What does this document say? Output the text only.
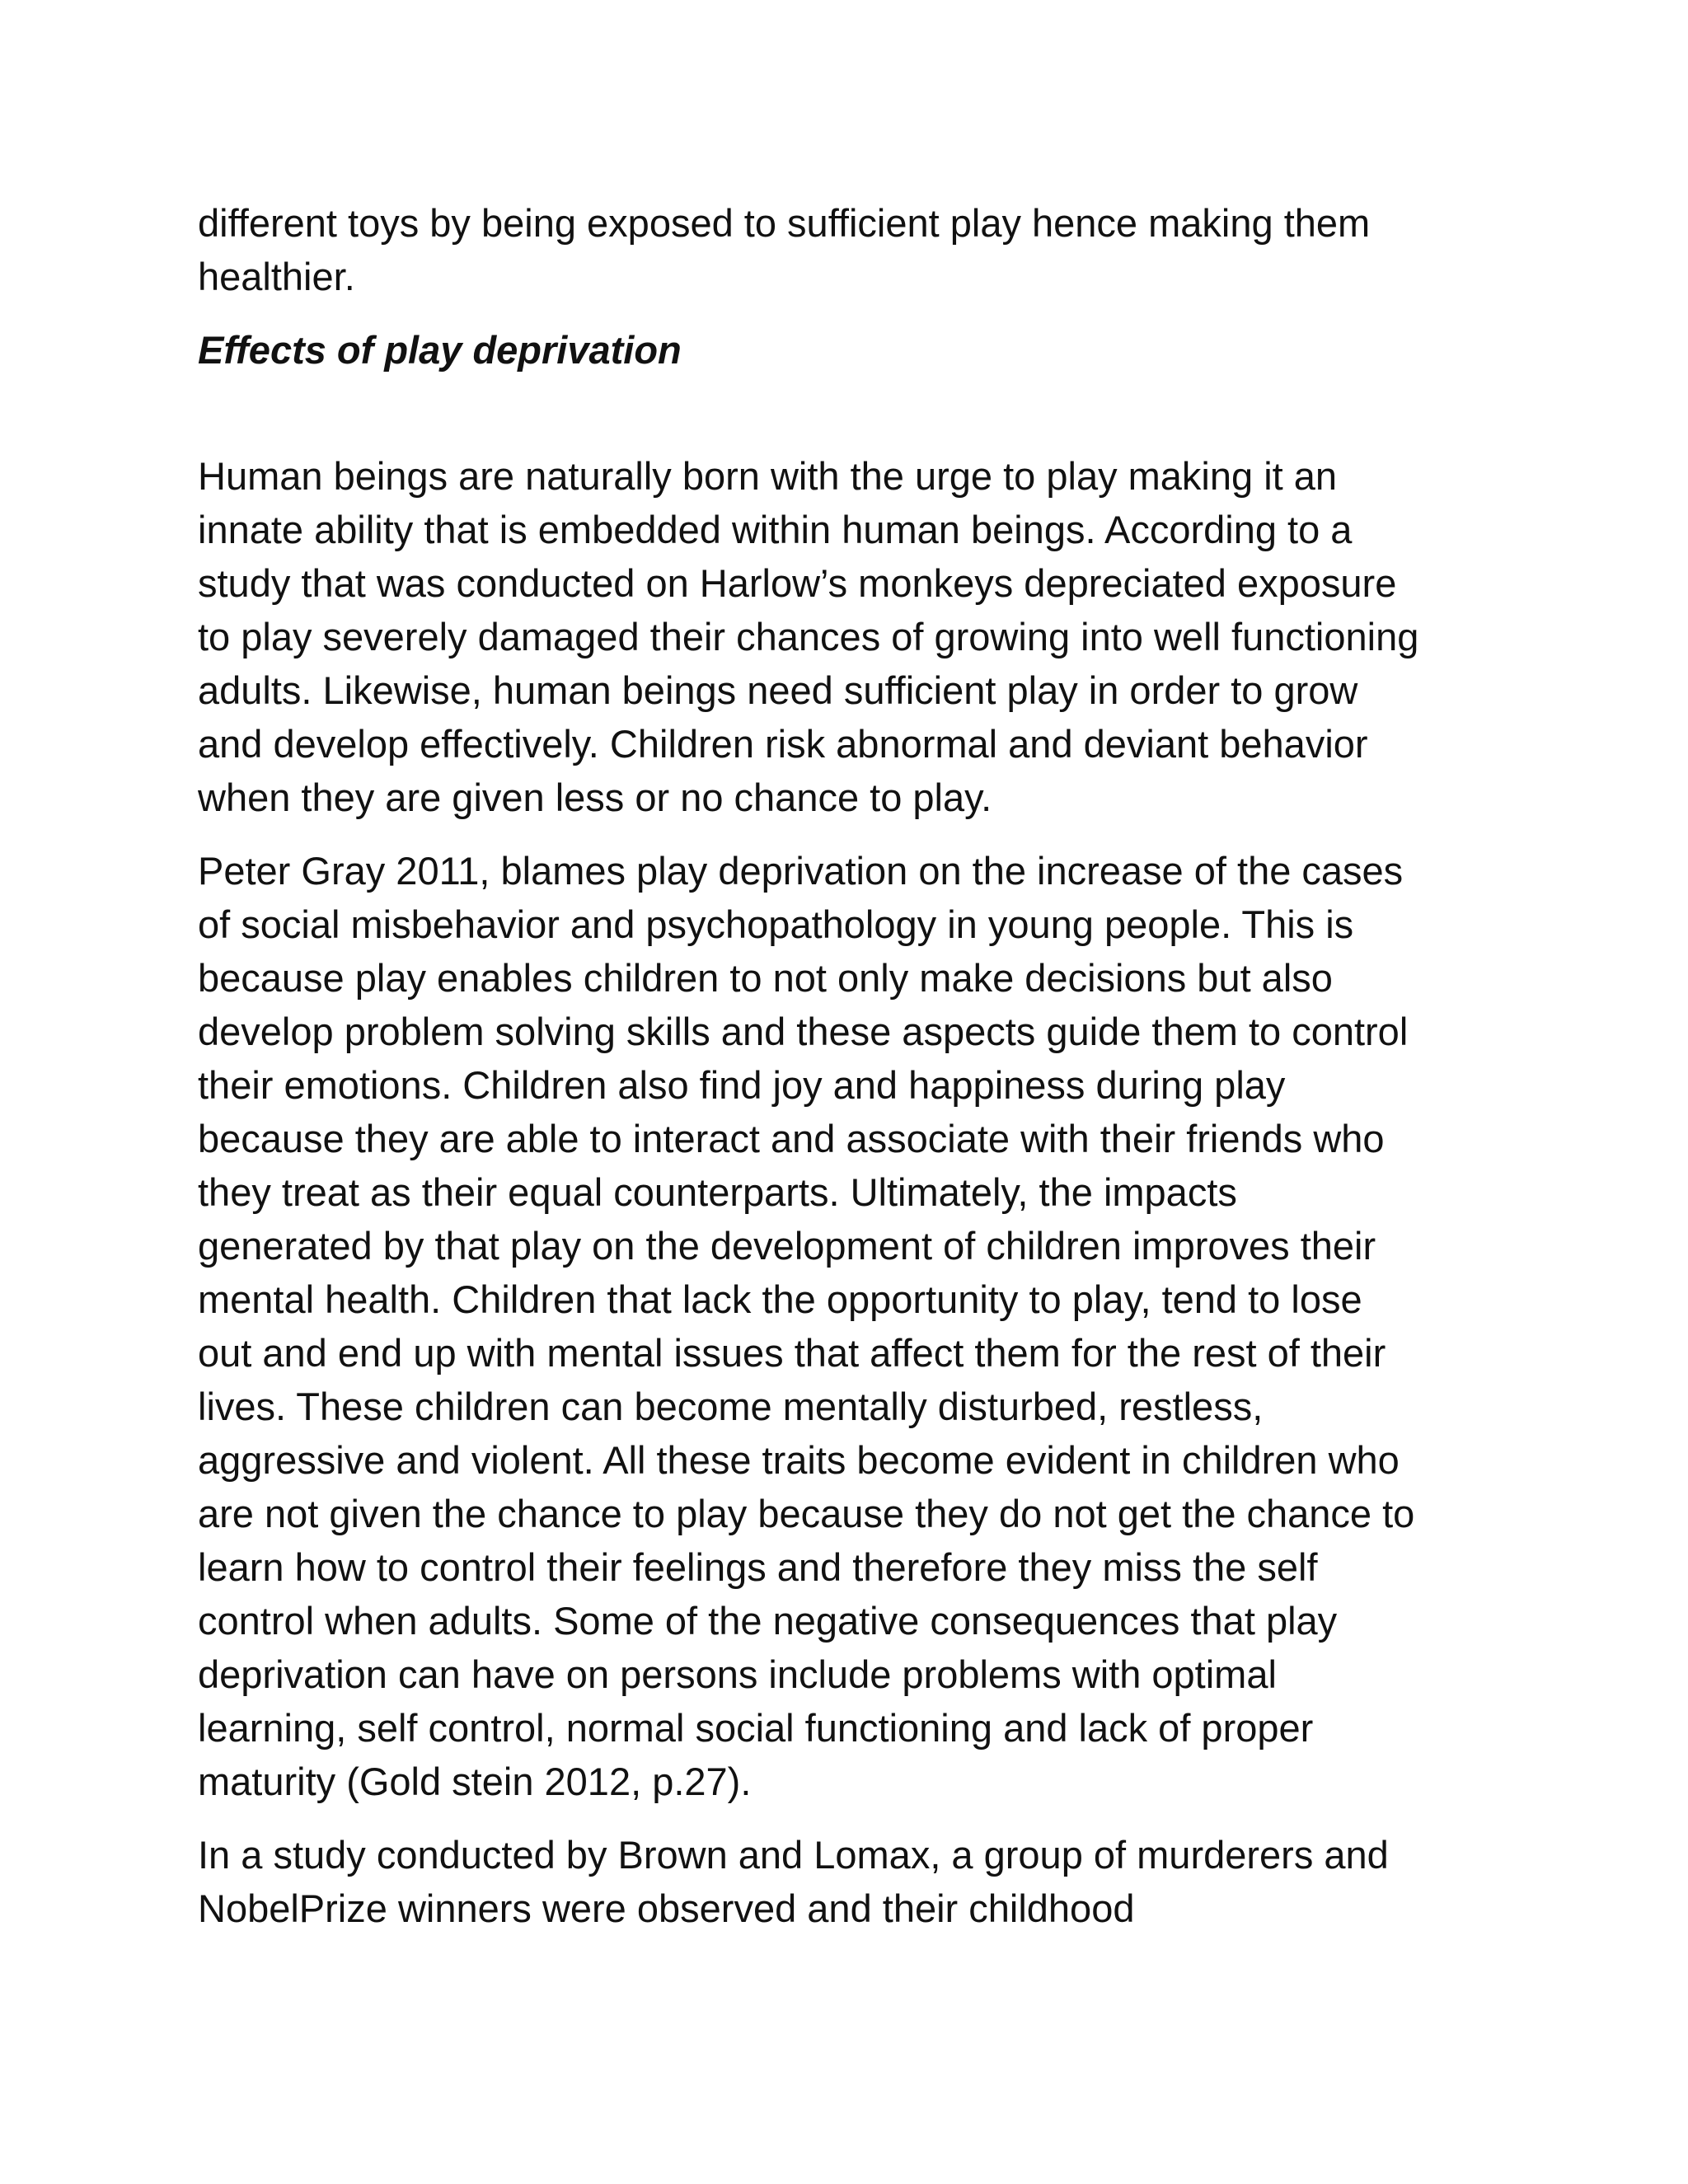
different toys by being exposed to sufficient play hence making them
healthier.

Effects of play deprivation

Human beings are naturally born with the urge to play making it an
innate ability that is embedded within human beings. According to a
study that was conducted on Harlow’s monkeys depreciated exposure
to play severely damaged their chances of growing into well functioning
adults. Likewise, human beings need sufficient play in order to grow
and develop effectively. Children risk abnormal and deviant behavior
when they are given less or no chance to play.

Peter Gray 2011, blames play deprivation on the increase of the cases
of social misbehavior and psychopathology in young people. This is
because play enables children to not only make decisions but also
develop problem solving skills and these aspects guide them to control
their emotions. Children also find joy and happiness during play
because they are able to interact and associate with their friends who
they treat as their equal counterparts. Ultimately, the impacts
generated by that play on the development of children improves their
mental health. Children that lack the opportunity to play, tend to lose
out and end up with mental issues that affect them for the rest of their
lives. These children can become mentally disturbed, restless,
aggressive and violent. All these traits become evident in children who
are not given the chance to play because they do not get the chance to
learn how to control their feelings and therefore they miss the self
control when adults. Some of the negative consequences that play
deprivation can have on persons include problems with optimal
learning, self control, normal social functioning and lack of proper
maturity (Gold stein 2012, p.27).

In a study conducted by Brown and Lomax, a group of murderers and
NobelPrize winners were observed and their childhood
